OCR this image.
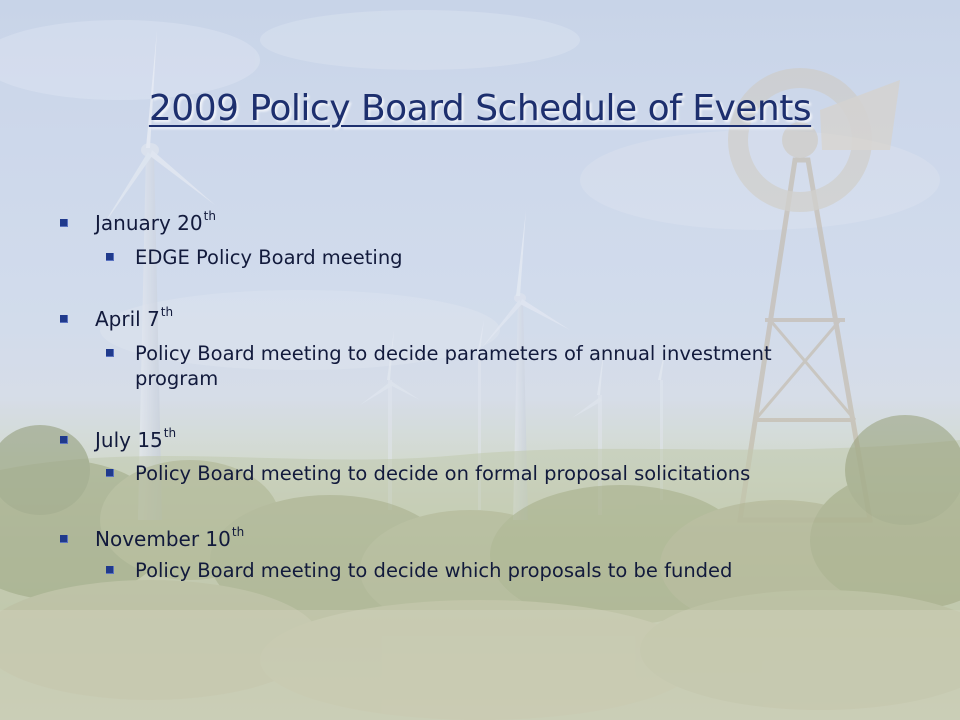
2009 Policy Board Schedule of Events
January 20th
EDGE Policy Board meeting
April 7th
Policy Board meeting to decide parameters of annual investment
program
July 15th
Policy Board meeting to decide on formal proposal solicitations
November 10th
Policy Board meeting to decide which proposals to be funded
